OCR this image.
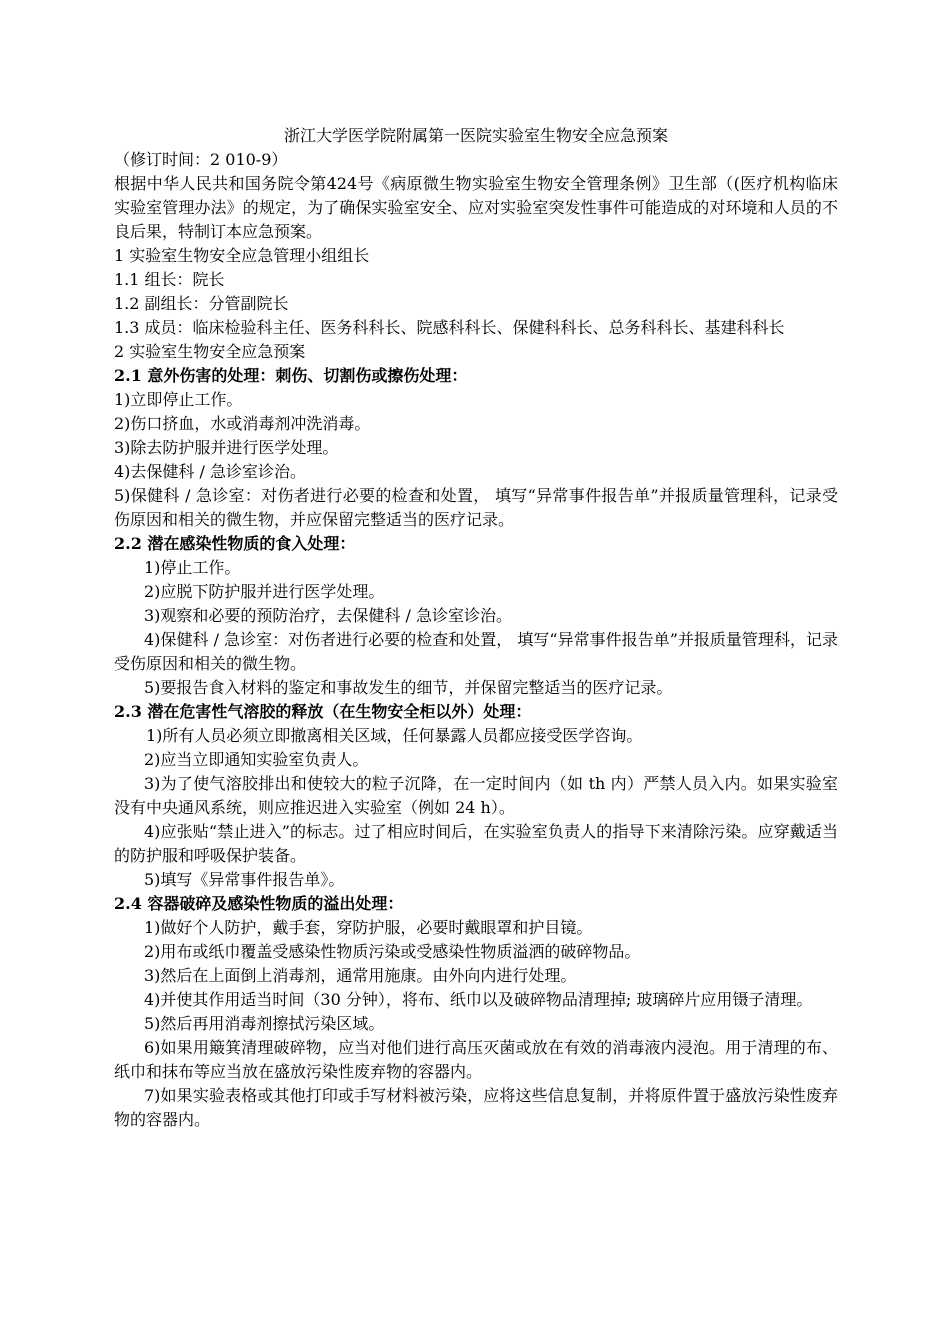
浙江大学医学院附属第一医院实验室生物安全应急预案

（修订时间：2 010-9）

根据中华人民共和国务院令第424号《病原微生物实验室生物安全管理条例》卫生部（(医疗机构临床实验室管理办法》的规定，为了确保实验室安全、应对实验室突发性事件可能造成的对环境和人员的不良后果，特制订本应急预案。

1 实验室生物安全应急管理小组组长

1.1 组长：院长

1.2 副组长：分管副院长

1.3 成员：临床检验科主任、医务科科长、院感科科长、保健科科长、总务科科长、基建科科长

2 实验室生物安全应急预案

2.1 意外伤害的处理：刺伤、切割伤或擦伤处理：

1)立即停止工作。

2)伤口挤血，水或消毒剂冲洗消毒。

3)除去防护服并进行医学处理。

4)去保健科 / 急诊室诊治。

5)保健科 / 急诊室：对伤者进行必要的检查和处置， 填写“异常事件报告单”并报质量管理科，记录受伤原因和相关的微生物，并应保留完整适当的医疗记录。

2.2 潜在感染性物质的食入处理：

1)停止工作。

2)应脱下防护服并进行医学处理。

3)观察和必要的预防治疗，去保健科 / 急诊室诊治。

4)保健科 / 急诊室：对伤者进行必要的检查和处置， 填写“异常事件报告单”并报质量管理科，记录受伤原因和相关的微生物。

5)要报告食入材料的鉴定和事故发生的细节，并保留完整适当的医疗记录。

2.3 潜在危害性气溶胶的释放（在生物安全柜以外）处理：

1)所有人员必须立即撤离相关区域，任何暴露人员都应接受医学咨询。

2)应当立即通知实验室负责人。

3)为了使气溶胶排出和使较大的粒子沉降，在一定时间内（如 th 内）严禁人员入内。如果实验室没有中央通风系统，则应推迟进入实验室（例如 24 h）。

4)应张贴“禁止进入”的标志。过了相应时间后，在实验室负责人的指导下来清除污染。应穿戴适当的防护服和呼吸保护装备。

5)填写《异常事件报告单》。

2.4 容器破碎及感染性物质的溢出处理：

1)做好个人防护，戴手套，穿防护服，必要时戴眼罩和护目镜。

2)用布或纸巾覆盖受感染性物质污染或受感染性物质溢洒的破碎物品。

3)然后在上面倒上消毒剂，通常用施康。由外向内进行处理。

4)并使其作用适当时间（30 分钟），将布、纸巾以及破碎物品清理掉; 玻璃碎片应用镊子清理。

5)然后再用消毒剂擦拭污染区域。

6)如果用簸箕清理破碎物，应当对他们进行高压灭菌或放在有效的消毒液内浸泡。用于清理的布、纸巾和抹布等应当放在盛放污染性废弃物的容器内。

7)如果实验表格或其他打印或手写材料被污染，应将这些信息复制，并将原件置于盛放污染性废弃物的容器内。
